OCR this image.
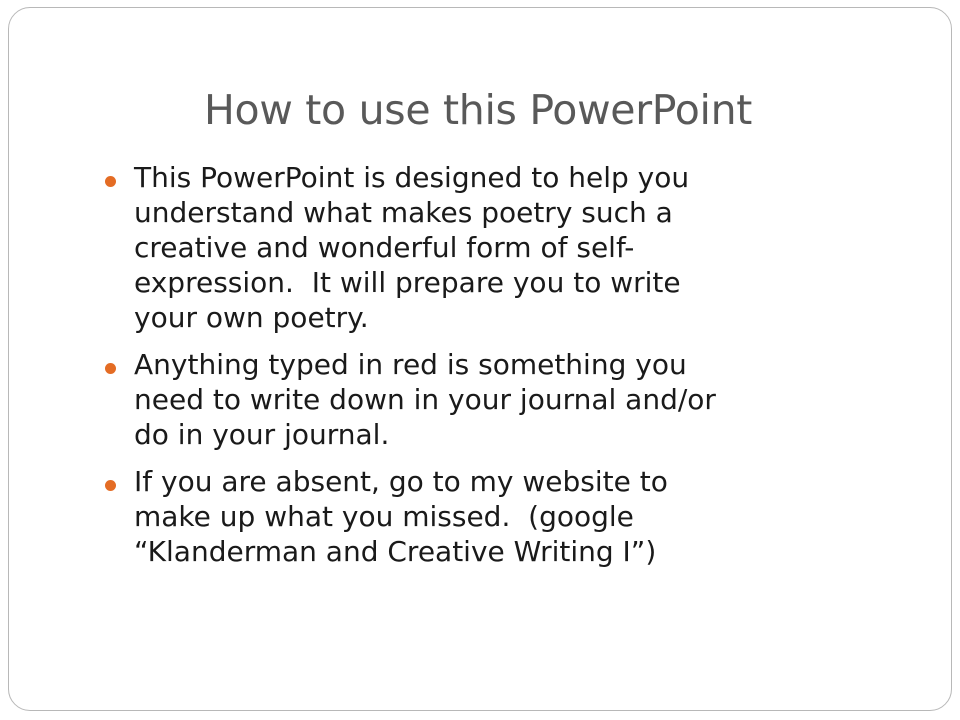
How to use this PowerPoint
This PowerPoint is designed to help you
understand what makes poetry such a
creative and wonderful form of self-
expression.  It will prepare you to write
your own poetry.
Anything typed in red is something you
need to write down in your journal and/or
do in your journal.
If you are absent, go to my website to
make up what you missed.  (google
“Klanderman and Creative Writing I”)
